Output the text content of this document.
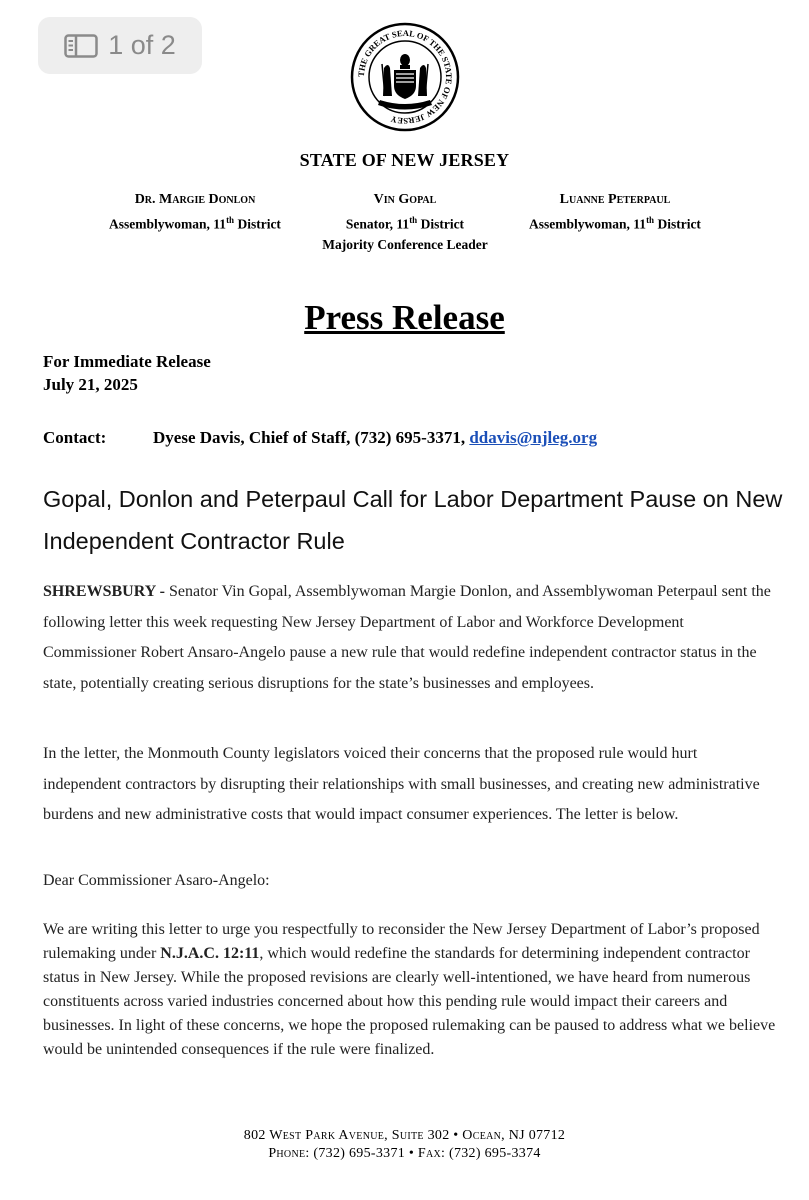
1 of 2
THE GREAT SEAL OF THE STATE OF NEW JERSEY
STATE OF NEW JERSEY
Dr. Margie Donlon
Assemblywoman, 11th District
Vin Gopal
Senator, 11th District
Majority Conference Leader
Luanne Peterpaul
Assemblywoman, 11th District
Press Release
For Immediate Release
July 21, 2025
Contact:	Dyese Davis, Chief of Staff, (732) 695-3371, ddavis@njleg.org
Gopal, Donlon and Peterpaul Call for Labor Department Pause on New Independent Contractor Rule
SHREWSBURY - Senator Vin Gopal, Assemblywoman Margie Donlon, and Assemblywoman Peterpaul sent the following letter this week requesting New Jersey Department of Labor and Workforce Development Commissioner Robert Ansaro-Angelo pause a new rule that would redefine independent contractor status in the state, potentially creating serious disruptions for the state’s businesses and employees.
In the letter, the Monmouth County legislators voiced their concerns that the proposed rule would hurt independent contractors by disrupting their relationships with small businesses, and creating new administrative burdens and new administrative costs that would impact consumer experiences. The letter is below.
Dear Commissioner Asaro-Angelo:
We are writing this letter to urge you respectfully to reconsider the New Jersey Department of Labor’s proposed rulemaking under N.J.A.C. 12:11, which would redefine the standards for determining independent contractor status in New Jersey. While the proposed revisions are clearly well-intentioned, we have heard from numerous constituents across varied industries concerned about how this pending rule would impact their careers and businesses. In light of these concerns, we hope the proposed rulemaking can be paused to address what we believe would be unintended consequences if the rule were finalized.
802 West Park Avenue, Suite 302 • Ocean, NJ 07712
Phone: (732) 695-3371 • Fax: (732) 695-3374
